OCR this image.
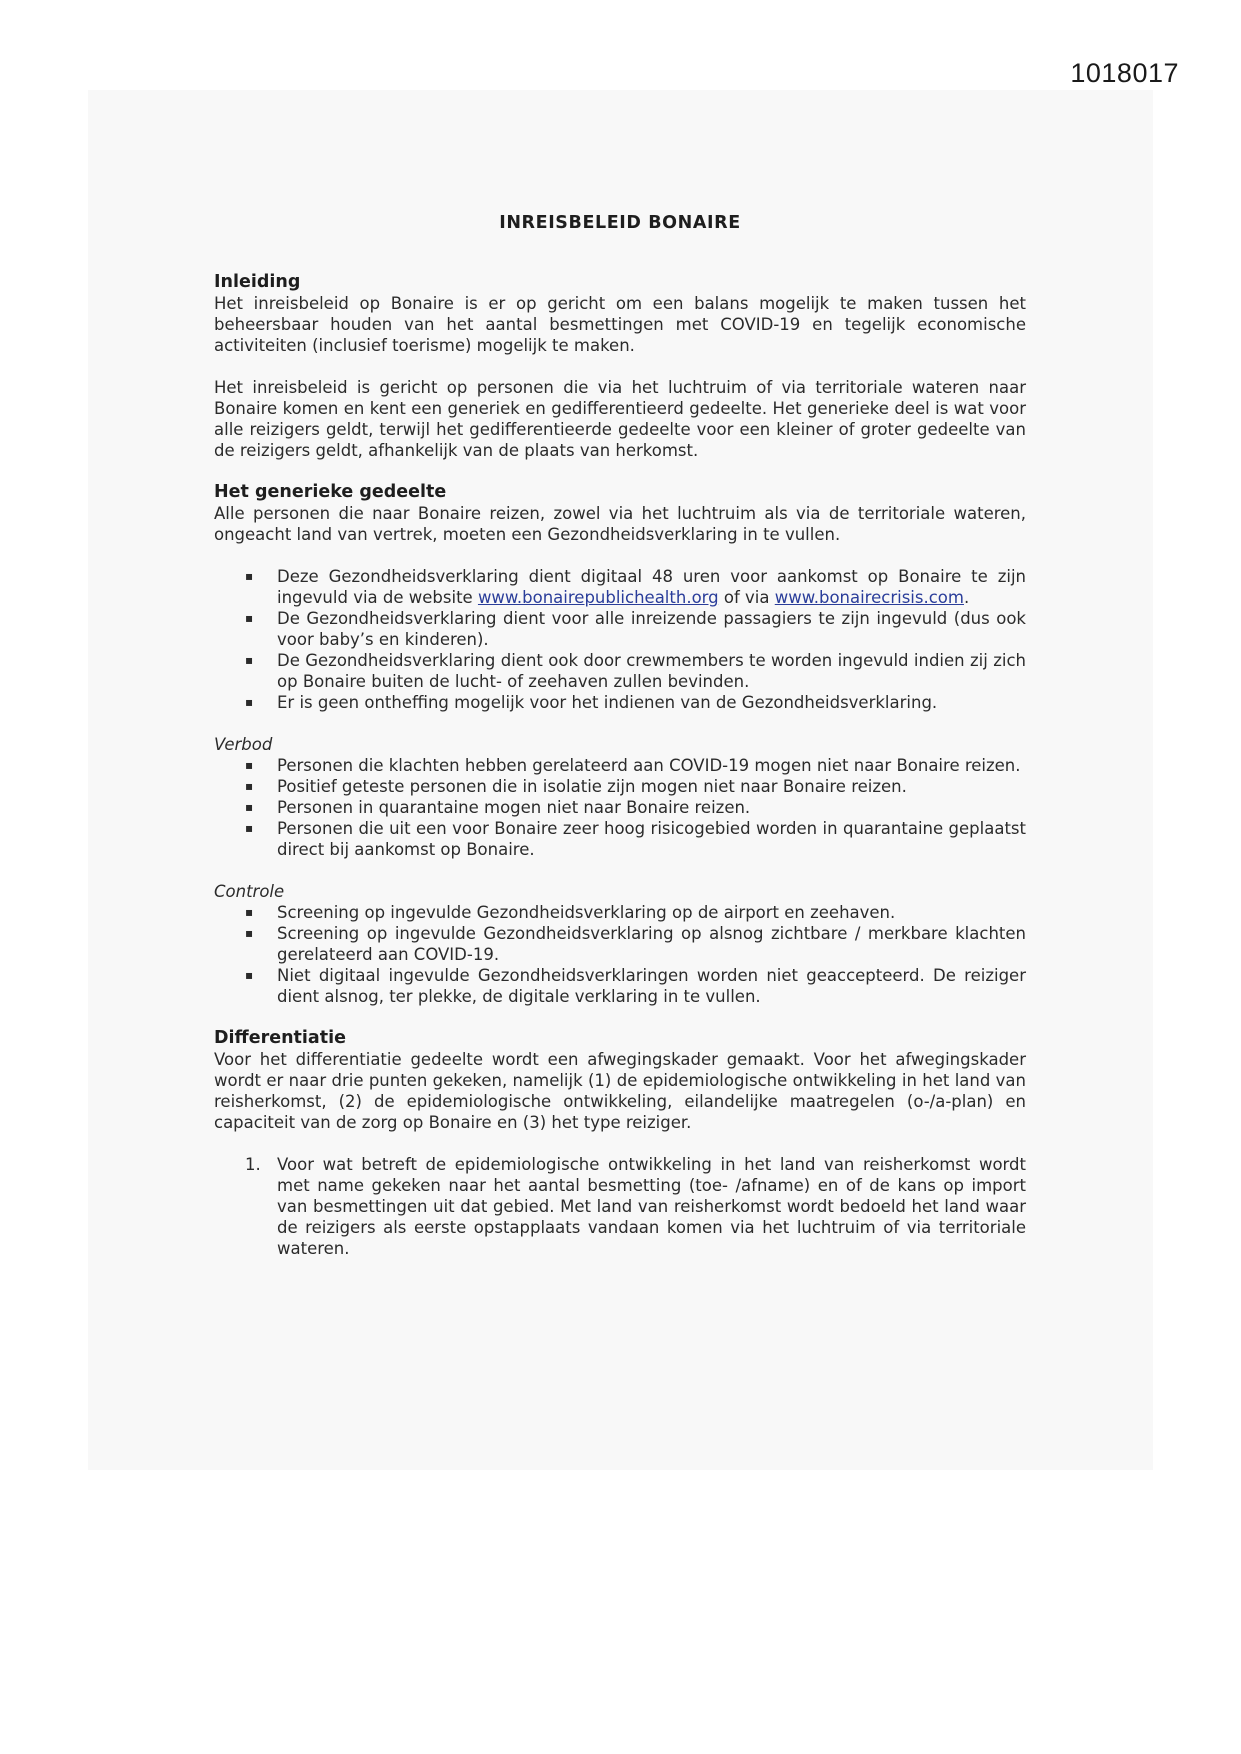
1018017
INREISBELEID BONAIRE
Inleiding

Het inreisbeleid op Bonaire is er op gericht om een balans mogelijk te maken tussen het beheersbaar houden van het aantal besmettingen met COVID-19 en tegelijk economische activiteiten (inclusief toerisme) mogelijk te maken.

Het inreisbeleid is gericht op personen die via het luchtruim of via territoriale wateren naar Bonaire komen en kent een generiek en gedifferentieerd gedeelte. Het generieke deel is wat voor alle reizigers geldt, terwijl het gedifferentieerde gedeelte voor een kleiner of groter gedeelte van de reizigers geldt, afhankelijk van de plaats van herkomst.

Het generieke gedeelte

Alle personen die naar Bonaire reizen, zowel via het luchtruim als via de territoriale wateren, ongeacht land van vertrek, moeten een Gezondheidsverklaring in te vullen.

▪ Deze Gezondheidsverklaring dient digitaal 48 uren voor aankomst op Bonaire te zijn ingevuld via de website www.bonairepublichealth.org of via www.bonairecrisis.com.
▪ De Gezondheidsverklaring dient voor alle inreizende passagiers te zijn ingevuld (dus ook voor baby’s en kinderen).
▪ De Gezondheidsverklaring dient ook door crewmembers te worden ingevuld indien zij zich op Bonaire buiten de lucht- of zeehaven zullen bevinden.
▪ Er is geen ontheffing mogelijk voor het indienen van de Gezondheidsverklaring.
Verbod
▪ Personen die klachten hebben gerelateerd aan COVID-19 mogen niet naar Bonaire reizen.
▪ Positief geteste personen die in isolatie zijn mogen niet naar Bonaire reizen.
▪ Personen in quarantaine mogen niet naar Bonaire reizen.
▪ Personen die uit een voor Bonaire zeer hoog risicogebied worden in quarantaine geplaatst direct bij aankomst op Bonaire.
Controle
▪ Screening op ingevulde Gezondheidsverklaring op de airport en zeehaven.
▪ Screening op ingevulde Gezondheidsverklaring op alsnog zichtbare / merkbare klachten gerelateerd aan COVID-19.
▪ Niet digitaal ingevulde Gezondheidsverklaringen worden niet geaccepteerd. De reiziger dient alsnog, ter plekke, de digitale verklaring in te vullen.
Differentiatie

Voor het differentiatie gedeelte wordt een afwegingskader gemaakt. Voor het afwegingskader wordt er naar drie punten gekeken, namelijk (1) de epidemiologische ontwikkeling in het land van reisherkomst, (2) de epidemiologische ontwikkeling, eilandelijke maatregelen (o-/a-plan) en capaciteit van de zorg op Bonaire en (3) het type reiziger.

1. Voor wat betreft de epidemiologische ontwikkeling in het land van reisherkomst wordt met name gekeken naar het aantal besmetting (toe- /afname) en of de kans op import van besmettingen uit dat gebied. Met land van reisherkomst wordt bedoeld het land waar de reizigers als eerste opstapplaats vandaan komen via het luchtruim of via territoriale wateren.
